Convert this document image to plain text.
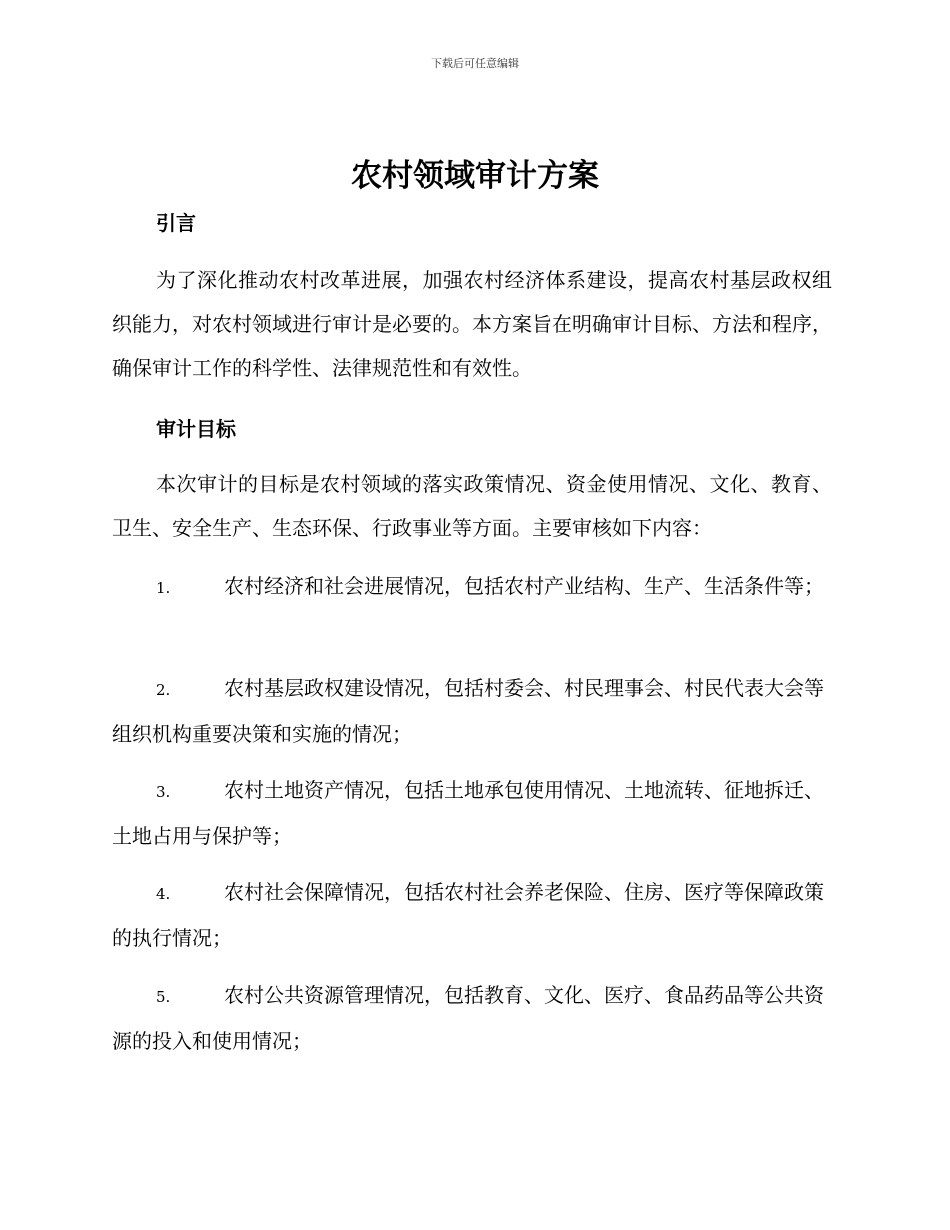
下载后可任意编辑
农村领域审计方案
引言

为了深化推动农村改革进展，加强农村经济体系建设，提高农村基层政权组织能力，对农村领域进行审计是必要的。本方案旨在明确审计目标、方法和程序，确保审计工作的科学性、法律规范性和有效性。

审计目标

本次审计的目标是农村领域的落实政策情况、资金使用情况、文化、教育、卫生、安全生产、生态环保、行政事业等方面。主要审核如下内容：

1.	农村经济和社会进展情况，包括农村产业结构、生产、生活条件等；

2.	农村基层政权建设情况，包括村委会、村民理事会、村民代表大会等组织机构重要决策和实施的情况；

3.	农村土地资产情况，包括土地承包使用情况、土地流转、征地拆迁、土地占用与保护等；

4.	农村社会保障情况，包括农村社会养老保险、住房、医疗等保障政策的执行情况；

5.	农村公共资源管理情况，包括教育、文化、医疗、食品药品等公共资源的投入和使用情况；
